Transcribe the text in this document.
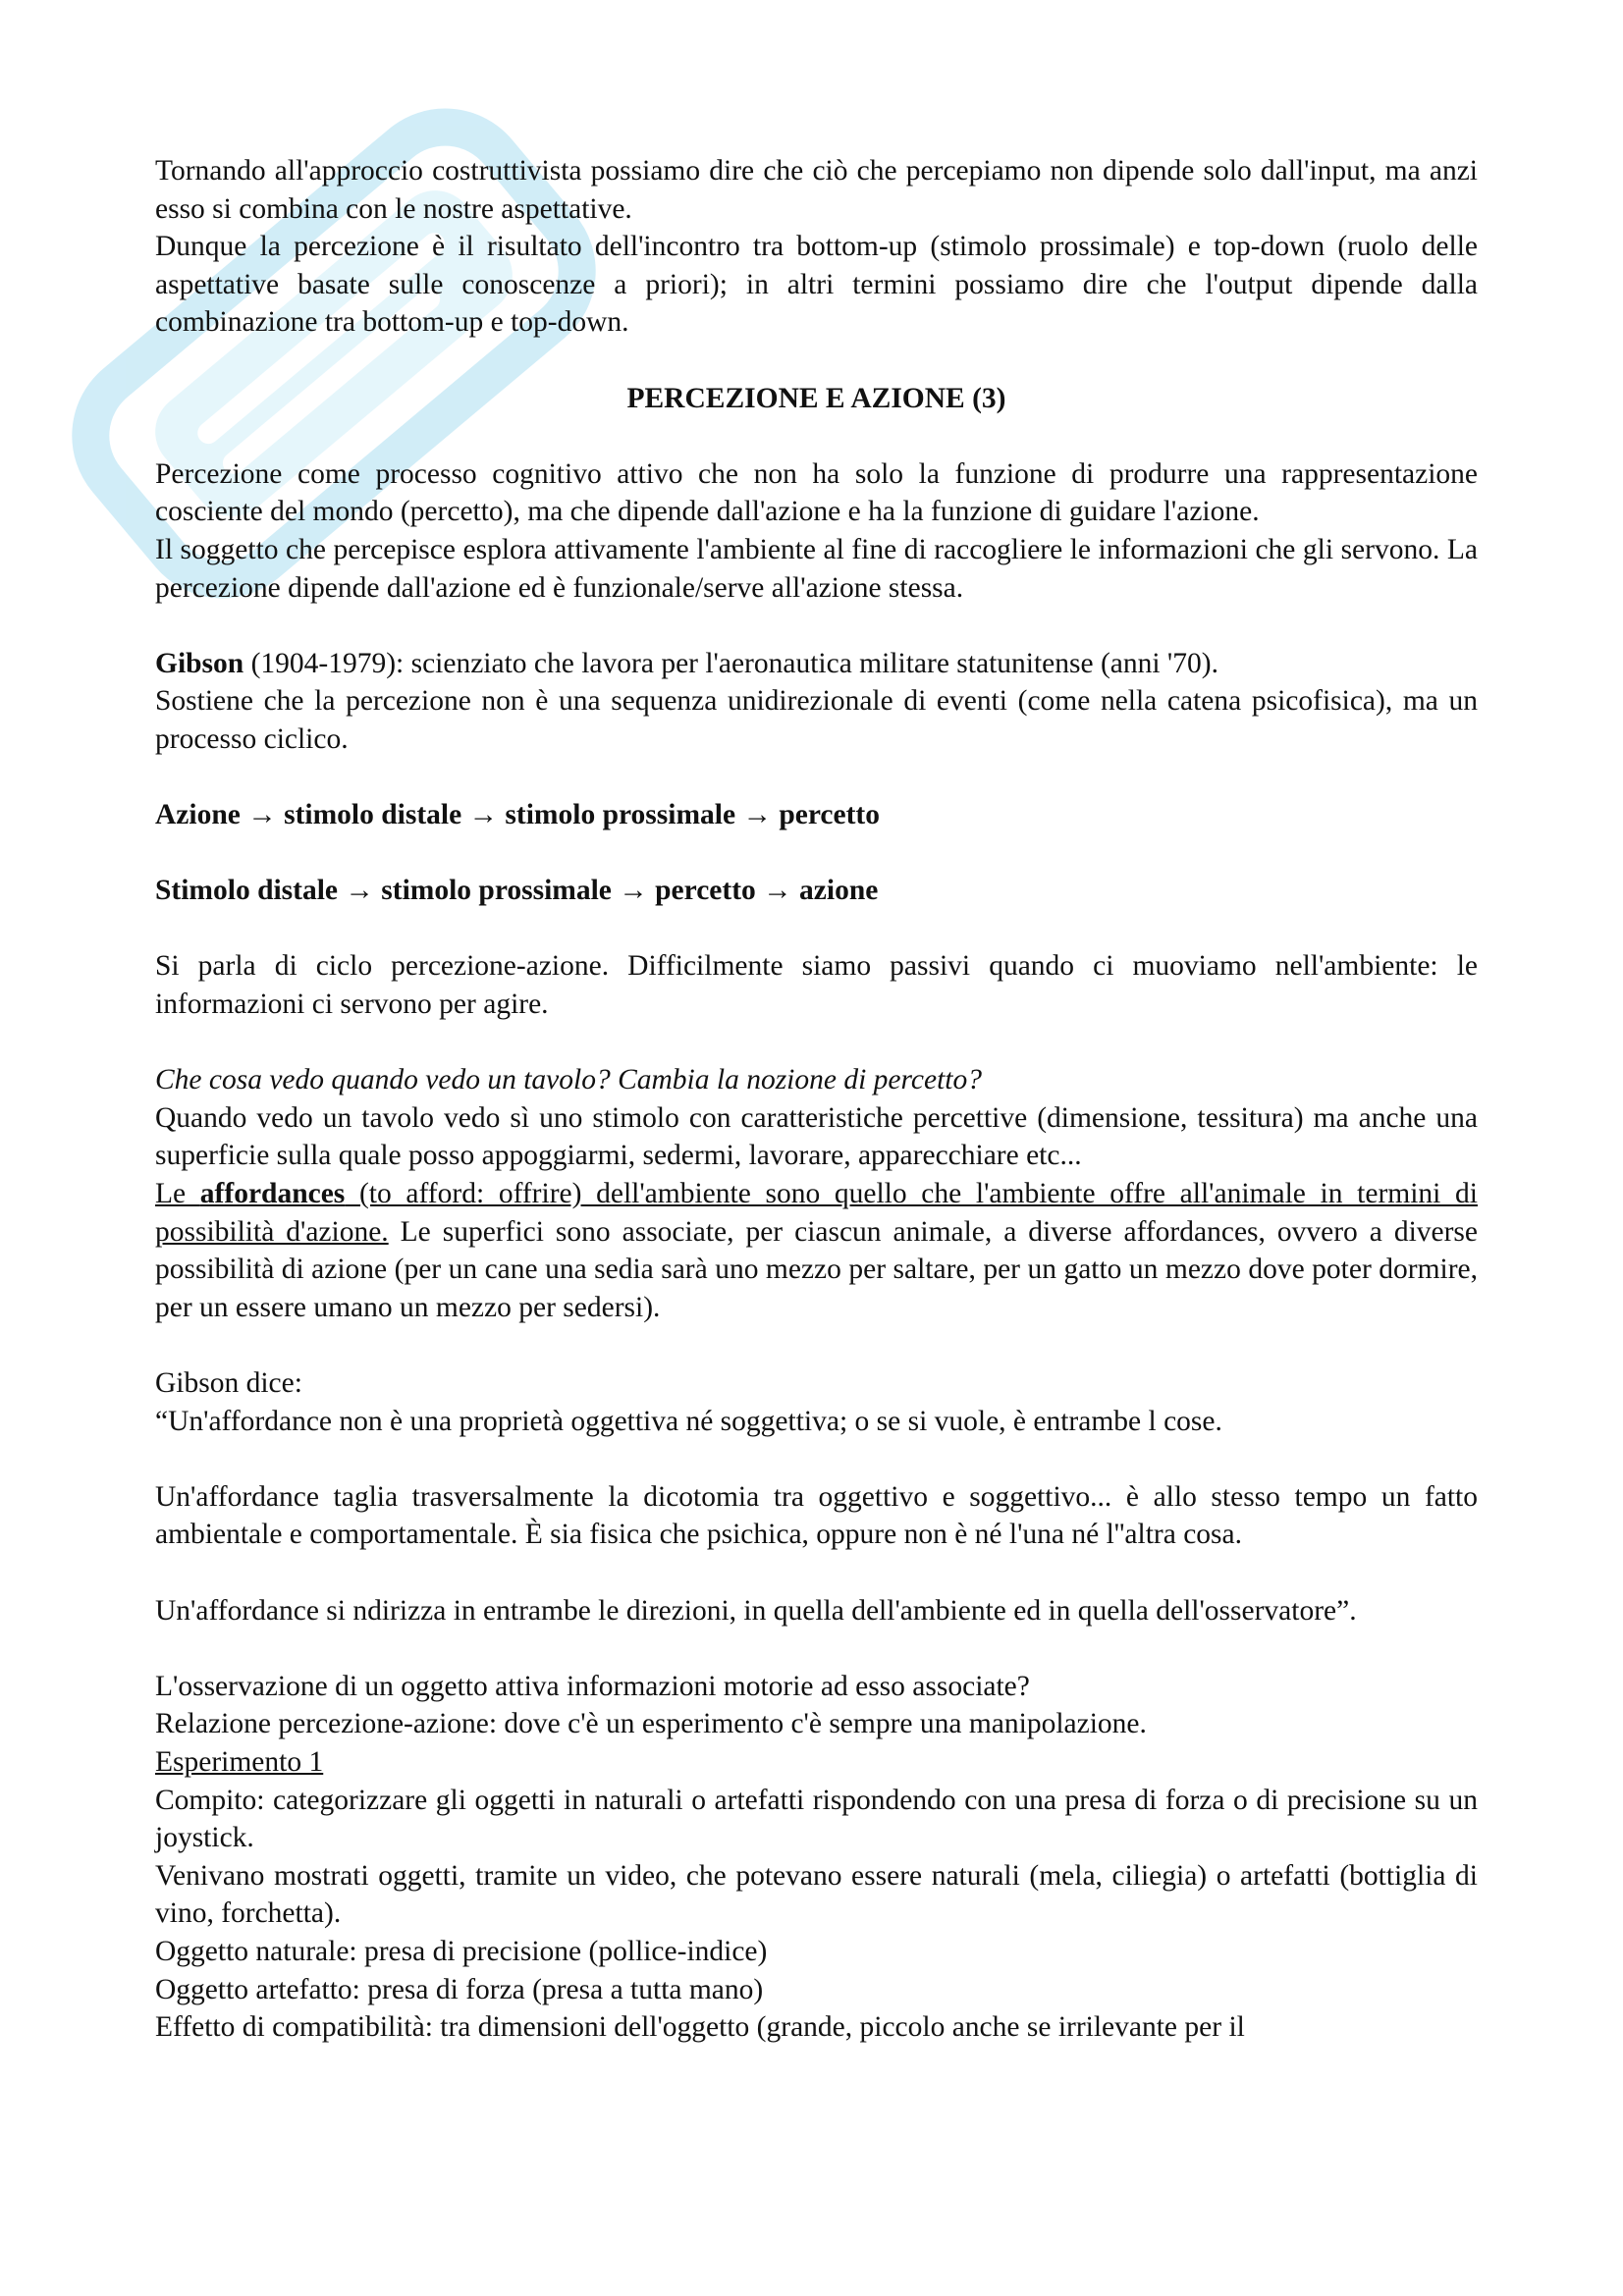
Tornando all'approccio costruttivista possiamo dire che ciò che percepiamo non dipende solo dall'input, ma anzi esso si combina con le nostre aspettative.

Dunque la percezione è il risultato dell'incontro tra bottom-up (stimolo prossimale) e top-down (ruolo delle aspettative basate sulle conoscenze a priori); in altri termini possiamo dire che l'output dipende dalla combinazione tra bottom-up e top-down.

PERCEZIONE E AZIONE (3)

Percezione come processo cognitivo attivo che non ha solo la funzione di produrre una rappresentazione cosciente del mondo (percetto), ma che dipende dall'azione e ha la funzione di guidare l'azione.

Il soggetto che percepisce esplora attivamente l'ambiente al fine di raccogliere le informazioni che gli servono. La percezione dipende dall'azione ed è funzionale/serve all'azione stessa.

Gibson (1904-1979): scienziato che lavora per l'aeronautica militare statunitense (anni '70).

Sostiene che la percezione non è una sequenza unidirezionale di eventi (come nella catena psicofisica), ma un processo ciclico.

Azione → stimolo distale → stimolo prossimale → percetto

Stimolo distale → stimolo prossimale → percetto → azione

Si parla di ciclo percezione-azione. Difficilmente siamo passivi quando ci muoviamo nell'ambiente: le informazioni ci servono per agire.

Che cosa vedo quando vedo un tavolo? Cambia la nozione di percetto?

Quando vedo un tavolo vedo sì uno stimolo con caratteristiche percettive (dimensione, tessitura) ma anche una superficie sulla quale posso appoggiarmi, sedermi, lavorare, apparecchiare etc...

Le affordances (to afford: offrire) dell'ambiente sono quello che l'ambiente offre all'animale in termini di possibilità d'azione. Le superfici sono associate, per ciascun animale, a diverse affordances, ovvero a diverse possibilità di azione (per un cane una sedia sarà uno mezzo per saltare, per un gatto un mezzo dove poter dormire, per un essere umano un mezzo per sedersi).

Gibson dice:

“Un'affordance non è una proprietà oggettiva né soggettiva; o se si vuole, è entrambe l cose.

Un'affordance taglia trasversalmente la dicotomia tra oggettivo e soggettivo... è allo stesso tempo un fatto ambientale e comportamentale. È sia fisica che psichica, oppure non è né l'una né l''altra cosa.

Un'affordance si ndirizza in entrambe le direzioni, in quella dell'ambiente ed in quella dell'osservatore”.

L'osservazione di un oggetto attiva informazioni motorie ad esso associate?

Relazione percezione-azione: dove c'è un esperimento c'è sempre una manipolazione.

Esperimento 1

Compito: categorizzare gli oggetti in naturali o artefatti rispondendo con una presa di forza o di precisione su un joystick.

Venivano mostrati oggetti, tramite un video, che potevano essere naturali (mela, ciliegia) o artefatti (bottiglia di vino, forchetta).

Oggetto naturale: presa di precisione (pollice-indice)

Oggetto artefatto: presa di forza (presa a tutta mano)

Effetto di compatibilità: tra dimensioni dell'oggetto (grande, piccolo anche se irrilevante per il
